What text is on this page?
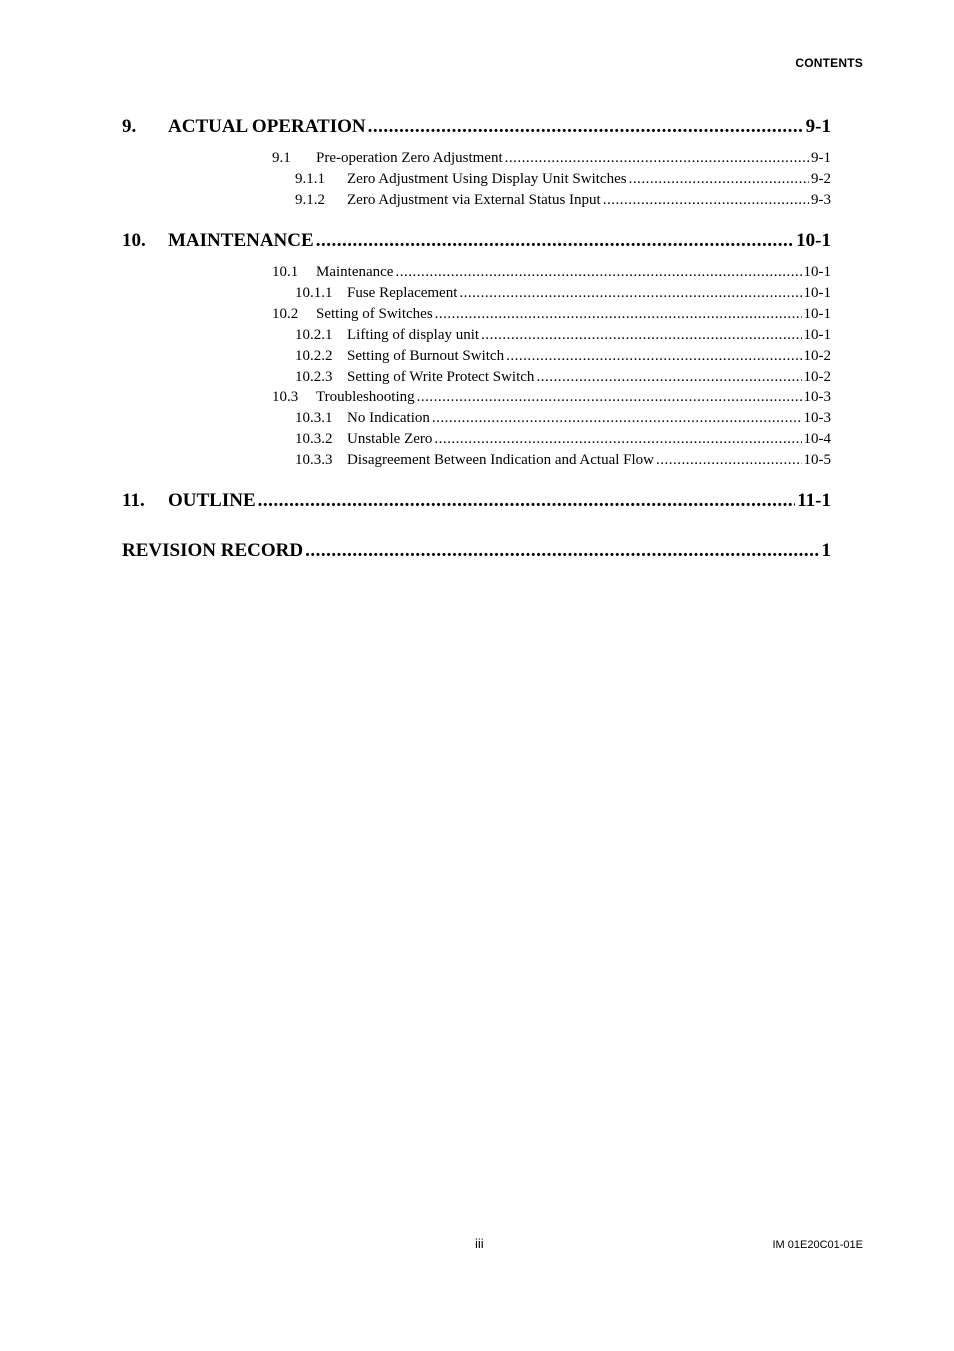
CONTENTS
9.	ACTUAL OPERATION .....	9-1
9.1	Pre-operation Zero Adjustment .....	9-1
9.1.1	Zero Adjustment Using Display Unit Switches .....	9-2
9.1.2	Zero Adjustment via External Status Input .....	9-3
10.	MAINTENANCE .....	10-1
10.1	Maintenance .....	10-1
10.1.1 Fuse Replacement .....	10-1
10.2	Setting of Switches .....	10-1
10.2.1 Lifting of display unit .....	10-1
10.2.2 Setting of Burnout Switch .....	10-2
10.2.3 Setting of Write Protect Switch .....	10-2
10.3	Troubleshooting .....	10-3
10.3.1 No Indication .....	10-3
10.3.2 Unstable Zero .....	10-4
10.3.3 Disagreement Between Indication and Actual Flow .....	10-5
11.	OUTLINE .....	11-1
REVISION RECORD .....	1
iii	IM 01E20C01-01E
